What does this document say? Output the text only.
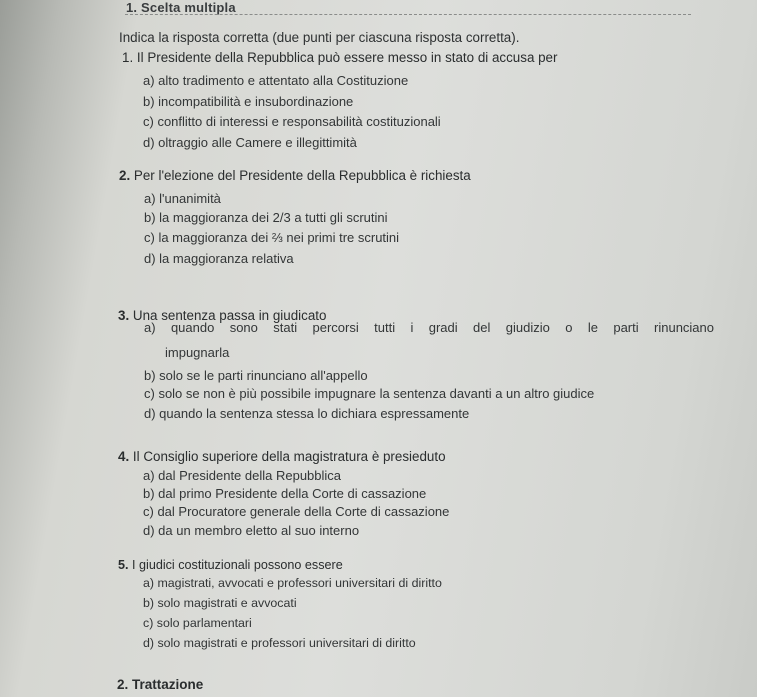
1. Scelta multipla
Indica la risposta corretta (due punti per ciascuna risposta corretta).
1. Il Presidente della Repubblica può essere messo in stato di accusa per
a) alto tradimento e attentato alla Costituzione
b) incompatibilità e insubordinazione
c) conflitto di interessi e responsabilità costituzionali
d) oltraggio alle Camere e illegittimità
2. Per l'elezione del Presidente della Repubblica è richiesta
a) l'unanimità
b) la maggioranza dei 2/3 a tutti gli scrutini
c) la maggioranza dei ⅔ nei primi tre scrutini
d) la maggioranza relativa
3. Una sentenza passa in giudicato
a) quando sono stati percorsi tutti i gradi del giudizio o le parti rinunciano
impugnarla
b) solo se le parti rinunciano all'appello
c) solo se non è più possibile impugnare la sentenza davanti a un altro giudice
d) quando la sentenza stessa lo dichiara espressamente
4. Il Consiglio superiore della magistratura è presieduto
a) dal Presidente della Repubblica
b) dal primo Presidente della Corte di cassazione
c) dal Procuratore generale della Corte di cassazione
d) da un membro eletto al suo interno
5. I giudici costituzionali possono essere
a) magistrati, avvocati e professori universitari di diritto
b) solo magistrati e avvocati
c) solo parlamentari
d) solo magistrati e professori universitari di diritto
2. Trattazione
